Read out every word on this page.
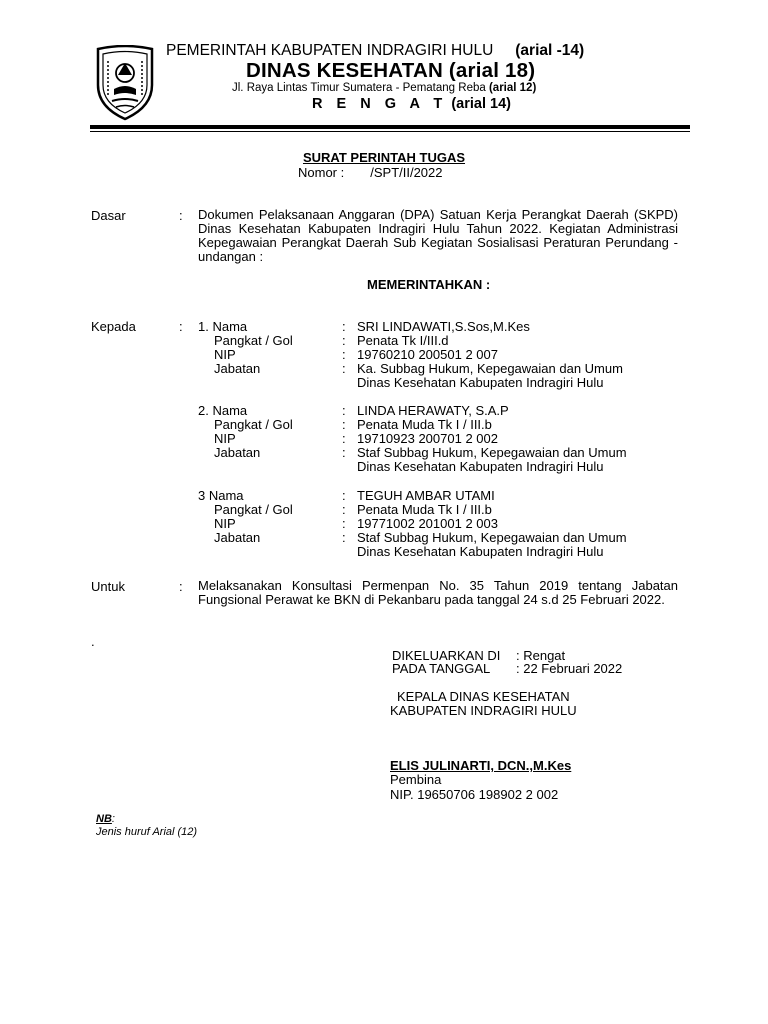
PEMERINTAH KABUPATEN INDRAGIRI HULU (arial -14)
DINAS KESEHATAN (arial 18)
Jl. Raya Lintas Timur Sumatera - Pematang Reba (arial 12)
R E N G A T (arial 14)
SURAT PERINTAH TUGAS
Nomor : /SPT/II/2022
Dasar	: Dokumen Pelaksanaan Anggaran (DPA) Satuan Kerja Perangkat Daerah (SKPD) Dinas Kesehatan Kabupaten Indragiri Hulu Tahun 2022. Kegiatan Administrasi Kepegawaian Perangkat Daerah Sub Kegiatan Sosialisasi Peraturan Perundang - undangan :
MEMERINTAHKAN :
Kepada	: 1. Nama	: SRI LINDAWATI,S.Sos,M.Kes
Pangkat / Gol	: Penata Tk I/III.d
NIP	: 19760210 200501 2 007
Jabatan	: Ka. Subbag Hukum, Kepegawaian dan Umum
Dinas Kesehatan Kabupaten Indragiri Hulu
2. Nama	: LINDA HERAWATY, S.A.P
Pangkat / Gol	: Penata Muda Tk I / III.b
NIP	: 19710923 200701 2 002
Jabatan	: Staf Subbag Hukum, Kepegawaian dan Umum
Dinas Kesehatan Kabupaten Indragiri Hulu
3 Nama	: TEGUH AMBAR UTAMI
Pangkat / Gol	: Penata Muda Tk I / III.b
NIP	: 19771002 201001 2 003
Jabatan	: Staf Subbag Hukum, Kepegawaian dan Umum
Dinas Kesehatan Kabupaten Indragiri Hulu
Untuk	: Melaksanakan Konsultasi Permenpan No. 35 Tahun 2019 tentang Jabatan Fungsional Perawat ke BKN di Pekanbaru pada tanggal 24 s.d 25 Februari 2022.
.
DIKELUARKAN DI : Rengat
PADA TANGGAL : 22 Februari 2022
KEPALA DINAS KESEHATAN
KABUPATEN INDRAGIRI HULU
ELIS JULINARTI, DCN.,M.Kes
Pembina
NIP. 19650706 198902 2 002
NB:
Jenis huruf Arial (12)
